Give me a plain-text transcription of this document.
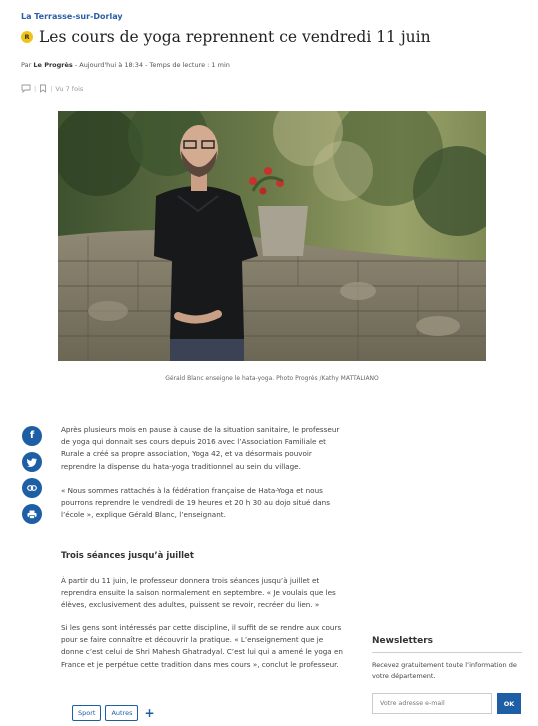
La Terrasse-sur-Dorlay
R Les cours de yoga reprennent ce vendredi 11 juin
Par Le Progrès - Aujourd'hui à 18:34 - Temps de lecture : 1 min
| | Vu 7 fois
Gérald Blanc enseigne le hata-yoga. Photo Progrès /Kathy MATTALIANO
f
Après plusieurs mois en pause à cause de la situation sanitaire, le professeur de yoga qui donnait ses cours depuis 2016 avec l’Association Familiale et Rurale a créé sa propre association, Yoga 42, et va désormais pouvoir reprendre la dispense du hata-yoga traditionnel au sein du village.
« Nous sommes rattachés à la fédération française de Hata-Yoga et nous pourrons reprendre le vendredi de 19 heures et 20 h 30 au dojo situé dans l’école », explique Gérald Blanc, l’enseignant.
Trois séances jusqu’à juillet
À partir du 11 juin, le professeur donnera trois séances jusqu’à juillet et reprendra ensuite la saison normalement en septembre. « Je voulais que les élèves, exclusivement des adultes, puissent se revoir, recréer du lien. »
Si les gens sont intéressés par cette discipline, il suffit de se rendre aux cours pour se faire connaître et découvrir la pratique. « L’enseignement que je donne c’est celui de Shri Mahesh Ghatradyal. C’est lui qui a amené le yoga en France et je perpétue cette tradition dans mes cours », conclut le professeur.
Sport	Autres	+
Newsletters
Recevez gratuitement toute l’information de votre département.
Votre adresse e-mail
OK
